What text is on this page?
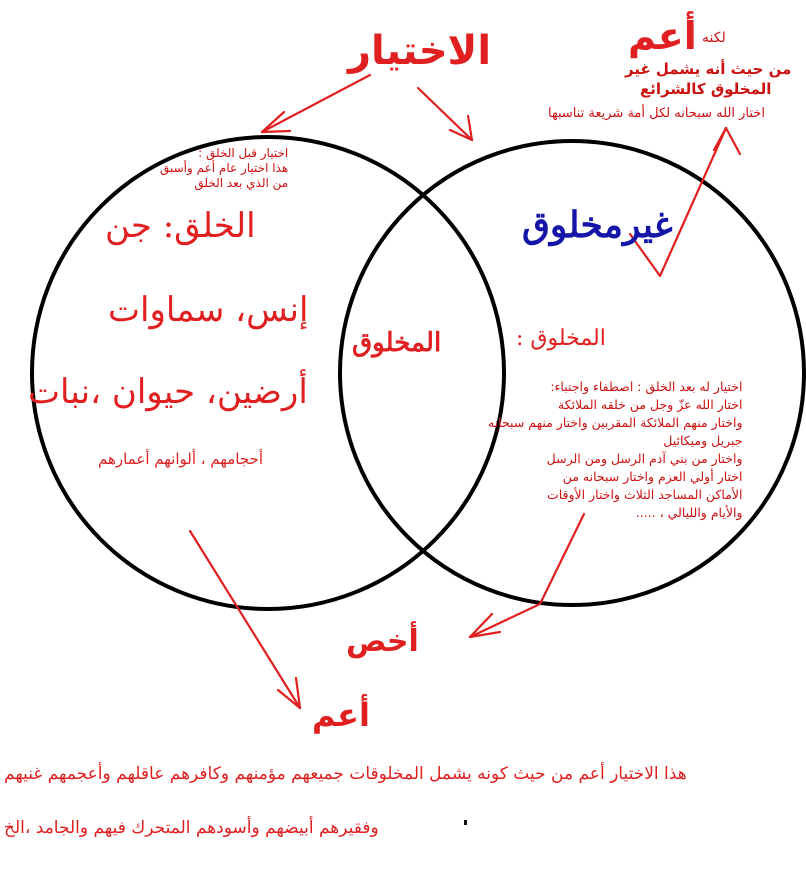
الاختيار	أعم لكنه
من حيث أنه يشمل غير
المخلوق كالشرائع
اختار الله سبحانه لكل أمة شريعة تناسبها
اختيار قبل الخلق :
هذا اختيار عام أعم وأسبق
من الذي بعد الخلق
الخلق: جن
إنس، سماوات
أرضين، حيوان ،نبات
أحجامهم ، ألوانهم أعمارهم
المخلوق
غيرمخلوق
المخلوق :
اختيار له بعد الخلق : اصطفاء واجتباء:
اختار الله عزّ وجل من خلقه الملائكة
واختار منهم الملائكة المقربين واختار منهم سبحانه
جبريل وميكائيل
واختار من بني آدم الرسل ومن الرسل
اختار أولي العزم واختار سبحانه من
الأماكن المساجد الثلاث واختار الأوقات
والأيام والليالي ، .....
أخص
أعم
هذا الاختيار أعم من حيث كونه يشمل المخلوقات جميعهم مؤمنهم وكافرهم عاقلهم وأعجمهم غنيهم
وفقيرهم أبيضهم وأسودهم المتحرك فيهم والجامد ،الخ
